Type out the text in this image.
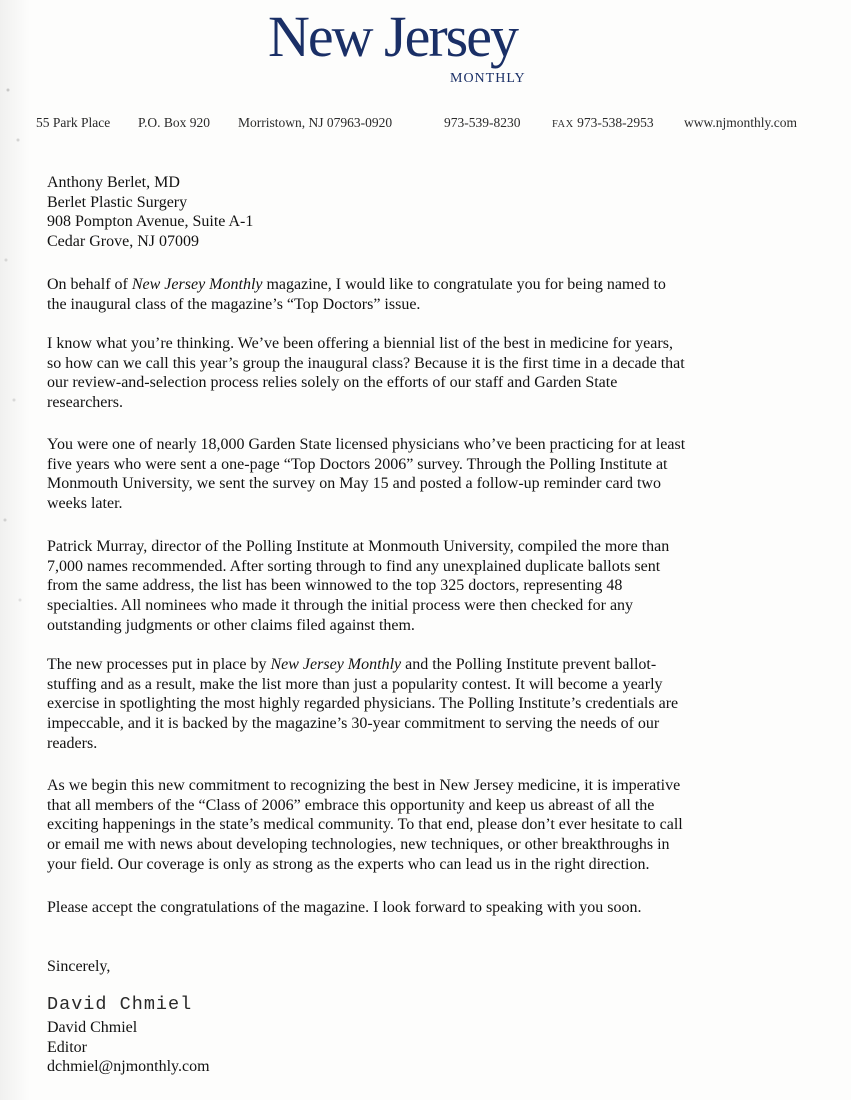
New Jersey
MONTHLY
55 Park Place P.O. Box 920 Morristown, NJ 07963-0920	973-539-8230	FAX 973-538-2953 www.njmonthly.com
Anthony Berlet, MD
Berlet Plastic Surgery
908 Pompton Avenue, Suite A-1
Cedar Grove, NJ 07009
On behalf of New Jersey Monthly magazine, I would like to congratulate you for being named to
the inaugural class of the magazine’s “Top Doctors” issue.
I know what you’re thinking. We’ve been offering a biennial list of the best in medicine for years,
so how can we call this year’s group the inaugural class? Because it is the first time in a decade that
our review-and-selection process relies solely on the efforts of our staff and Garden State
researchers.
You were one of nearly 18,000 Garden State licensed physicians who’ve been practicing for at least
five years who were sent a one-page “Top Doctors 2006” survey. Through the Polling Institute at
Monmouth University, we sent the survey on May 15 and posted a follow-up reminder card two
weeks later.
Patrick Murray, director of the Polling Institute at Monmouth University, compiled the more than
7,000 names recommended. After sorting through to find any unexplained duplicate ballots sent
from the same address, the list has been winnowed to the top 325 doctors, representing 48
specialties. All nominees who made it through the initial process were then checked for any
outstanding judgments or other claims filed against them.
The new processes put in place by New Jersey Monthly and the Polling Institute prevent ballot-
stuffing and as a result, make the list more than just a popularity contest. It will become a yearly
exercise in spotlighting the most highly regarded physicians. The Polling Institute’s credentials are
impeccable, and it is backed by the magazine’s 30-year commitment to serving the needs of our
readers.
As we begin this new commitment to recognizing the best in New Jersey medicine, it is imperative
that all members of the “Class of 2006” embrace this opportunity and keep us abreast of all the
exciting happenings in the state’s medical community. To that end, please don’t ever hesitate to call
or email me with news about developing technologies, new techniques, or other breakthroughs in
your field. Our coverage is only as strong as the experts who can lead us in the right direction.
Please accept the congratulations of the magazine. I look forward to speaking with you soon.
Sincerely,
David Chmiel
David Chmiel
Editor
dchmiel@njmonthly.com
